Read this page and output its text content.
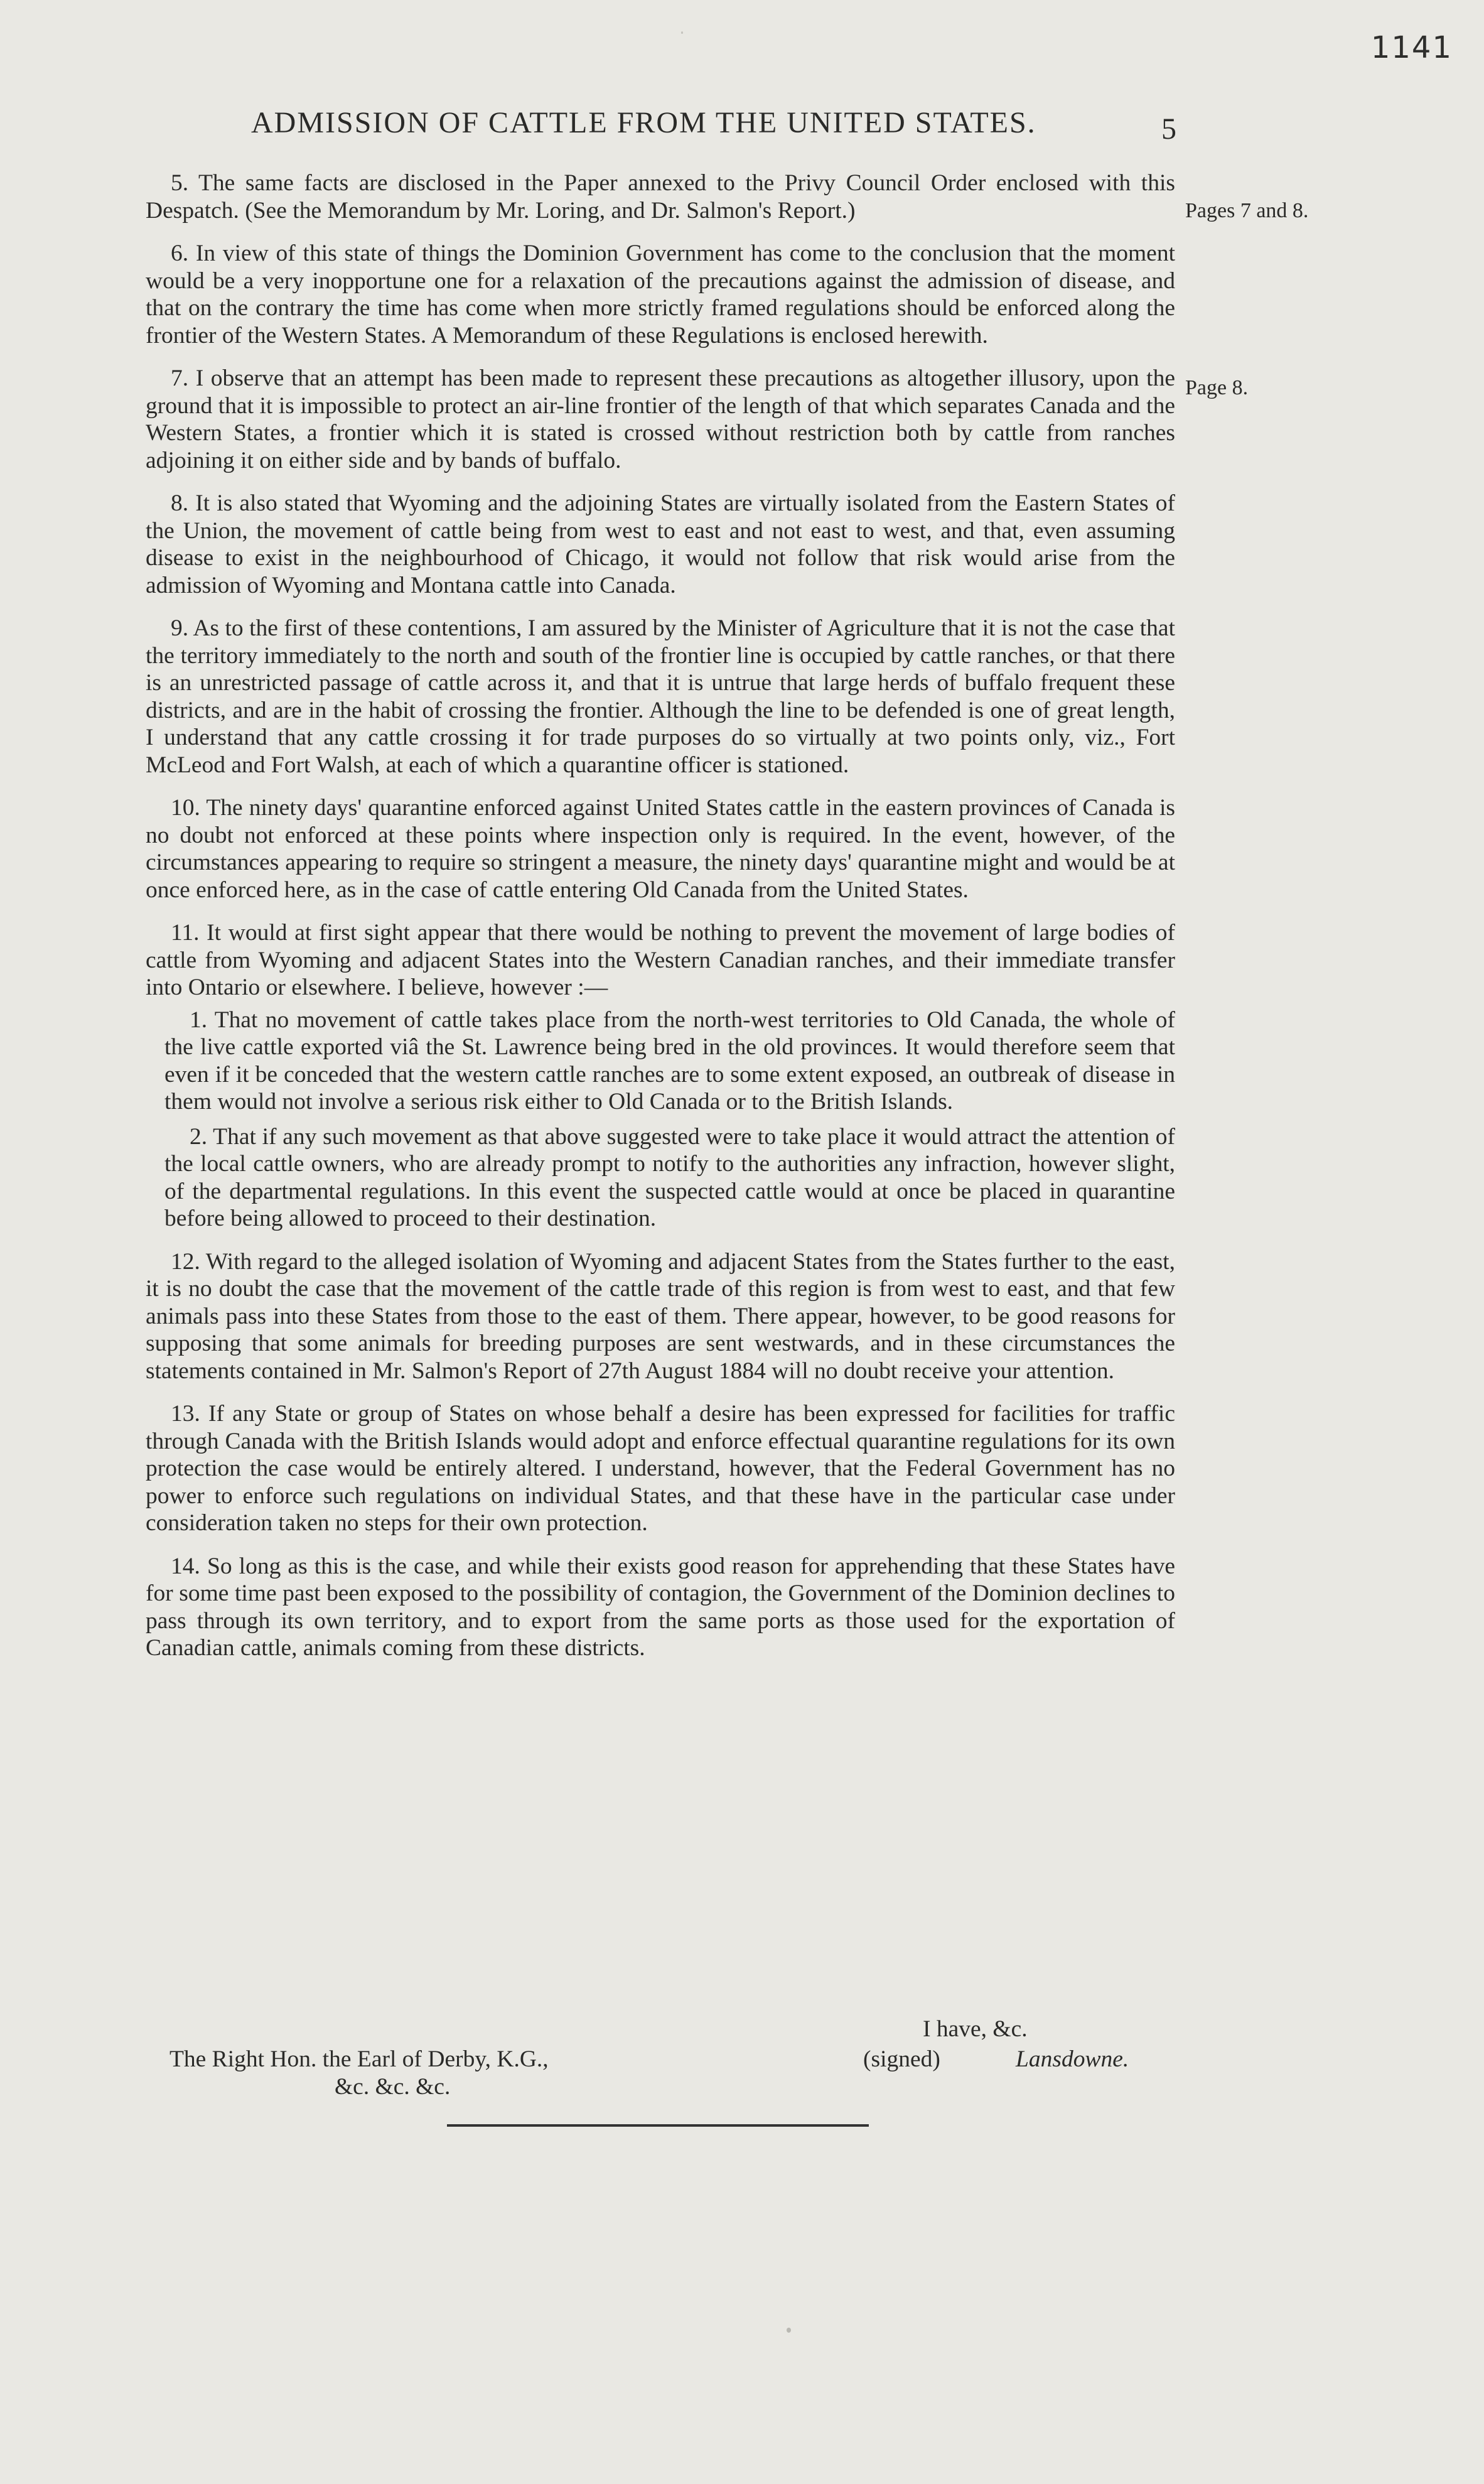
1141
ADMISSION OF CATTLE FROM THE UNITED STATES.	5
Pages 7 and 8.
Page 8.

5. The same facts are disclosed in the Paper annexed to the Privy Council Order enclosed with this Despatch. (See the Memorandum by Mr. Loring, and Dr. Salmon's Report.)

6. In view of this state of things the Dominion Government has come to the conclusion that the moment would be a very inopportune one for a relaxation of the precautions against the admission of disease, and that on the contrary the time has come when more strictly framed regulations should be enforced along the frontier of the Western States. A Memorandum of these Regulations is enclosed herewith.

7. I observe that an attempt has been made to represent these precautions as altogether illusory, upon the ground that it is impossible to protect an air-line frontier of the length of that which separates Canada and the Western States, a frontier which it is stated is crossed without restriction both by cattle from ranches adjoining it on either side and by bands of buffalo.

8. It is also stated that Wyoming and the adjoining States are virtually isolated from the Eastern States of the Union, the movement of cattle being from west to east and not east to west, and that, even assuming disease to exist in the neighbourhood of Chicago, it would not follow that risk would arise from the admission of Wyoming and Montana cattle into Canada.

9. As to the first of these contentions, I am assured by the Minister of Agriculture that it is not the case that the territory immediately to the north and south of the frontier line is occupied by cattle ranches, or that there is an unrestricted passage of cattle across it, and that it is untrue that large herds of buffalo frequent these districts, and are in the habit of crossing the frontier. Although the line to be defended is one of great length, I understand that any cattle crossing it for trade purposes do so virtually at two points only, viz., Fort McLeod and Fort Walsh, at each of which a quarantine officer is stationed.

10. The ninety days' quarantine enforced against United States cattle in the eastern provinces of Canada is no doubt not enforced at these points where inspection only is required. In the event, however, of the circumstances appearing to require so stringent a measure, the ninety days' quarantine might and would be at once enforced here, as in the case of cattle entering Old Canada from the United States.

11. It would at first sight appear that there would be nothing to prevent the movement of large bodies of cattle from Wyoming and adjacent States into the Western Canadian ranches, and their immediate transfer into Ontario or elsewhere. I believe, however :—

1. That no movement of cattle takes place from the north-west territories to Old Canada, the whole of the live cattle exported viâ the St. Lawrence being bred in the old provinces. It would therefore seem that even if it be conceded that the western cattle ranches are to some extent exposed, an outbreak of disease in them would not involve a serious risk either to Old Canada or to the British Islands.

2. That if any such movement as that above suggested were to take place it would attract the attention of the local cattle owners, who are already prompt to notify to the authorities any infraction, however slight, of the departmental regulations. In this event the suspected cattle would at once be placed in quarantine before being allowed to proceed to their destination.

12. With regard to the alleged isolation of Wyoming and adjacent States from the States further to the east, it is no doubt the case that the movement of the cattle trade of this region is from west to east, and that few animals pass into these States from those to the east of them. There appear, however, to be good reasons for supposing that some animals for breeding purposes are sent westwards, and in these circumstances the statements contained in Mr. Salmon's Report of 27th August 1884 will no doubt receive your attention.

13. If any State or group of States on whose behalf a desire has been expressed for facilities for traffic through Canada with the British Islands would adopt and enforce effectual quarantine regulations for its own protection the case would be entirely altered. I understand, however, that the Federal Government has no power to enforce such regulations on individual States, and that these have in the particular case under consideration taken no steps for their own protection.

14. So long as this is the case, and while their exists good reason for apprehending that these States have for some time past been exposed to the possibility of contagion, the Government of the Dominion declines to pass through its own territory, and to export from the same ports as those used for the exportation of Canadian cattle, animals coming from these districts.

I have, &c.
The Right Hon. the Earl of Derby, K.G.,	(signed)	Lansdowne.
&c. &c. &c.
